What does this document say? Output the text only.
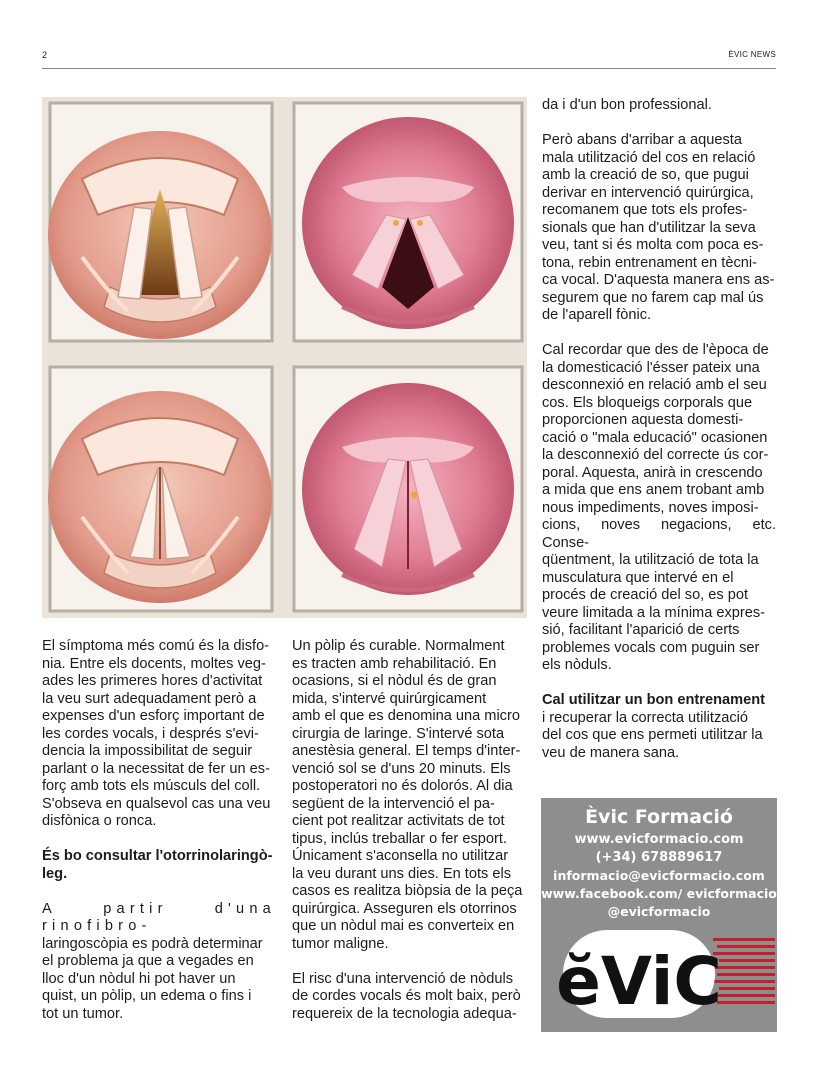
2	ÈVIC NEWS

El símptoma més comú és la disfo-
nia. Entre els docents, moltes veg-
ades les primeres hores d'activitat
la veu surt adequadament però a
expenses d'un esforç important de
les cordes vocals, i després s'evi-
dencia la impossibilitat de seguir
parlant o la necessitat de fer un es-
forç amb tots els músculs del coll.
S'obseva en qualsevol cas una veu
disfònica o ronca.

És bo consultar l'otorrinolaringò-
leg.

A partir d'una rinofibro-
laringoscòpia es podrà determinar
el problema ja que a vegades en
lloc d'un nòdul hi pot haver un
quist, un pòlip, un edema o fins i
tot un tumor.

Un pòlip és curable. Normalment
es tracten amb rehabilitació. En
ocasions, si el nòdul és de gran
mida, s'intervé quirúrgicament
amb el que es denomina una micro
cirurgia de laringe. S'intervé sota
anestèsia general. El temps d'inter-
venció sol se d'uns 20 minuts. Els
postoperatori no és dolorós. Al dia
següent de la intervenció el pa-
cient pot realitzar activitats de tot
tipus, inclús treballar o fer esport.
Únicament s'aconsella no utilitzar
la veu durant uns dies. En tots els
casos es realitza biòpsia de la peça
quirúrgica. Asseguren els otorrinos
que un nòdul mai es converteix en
tumor maligne.

El risc d'una intervenció de nòduls
de cordes vocals és molt baix, però
requereix de la tecnologia adequa-

da i d'un bon professional.

Però abans d'arribar a aquesta
mala utilització del cos en relació
amb la creació de so, que pugui
derivar en intervenció quirúrgica,
recomanem que tots els profes-
sionals que han d'utilitzar la seva
veu, tant si és molta com poca es-
tona, rebin entrenament en tècni-
ca vocal. D'aquesta manera ens as-
segurem que no farem cap mal ús
de l'aparell fònic.

Cal recordar que des de l'època de
la domesticació l'ésser pateix una
desconnexió en relació amb el seu
cos. Els bloqueigs corporals que
proporcionen aquesta domesti-
cació o "mala educació" ocasionen
la desconnexió del correcte ús cor-
poral. Aquesta, anirà in crescendo
a mida que ens anem trobant amb
nous impediments, noves imposi-
cions, noves negacions, etc. Conse-
qüentment, la utilització de tota la
musculatura que intervé en el
procés de creació del so, es pot
veure limitada a la mínima expres-
sió, facilitant l'aparició de certs
problemes vocals com puguin ser
els nòduls.

Cal utilitzar un bon entrenament
i recuperar la correcta utilització
del cos que ens permeti utilitzar la
veu de manera sana.

Èvic Formació
www.evicformacio.com
(+34) 678889617
informacio@evicformacio.com
www.facebook.com/ evicformacio
@evicformacio
ĕViC
